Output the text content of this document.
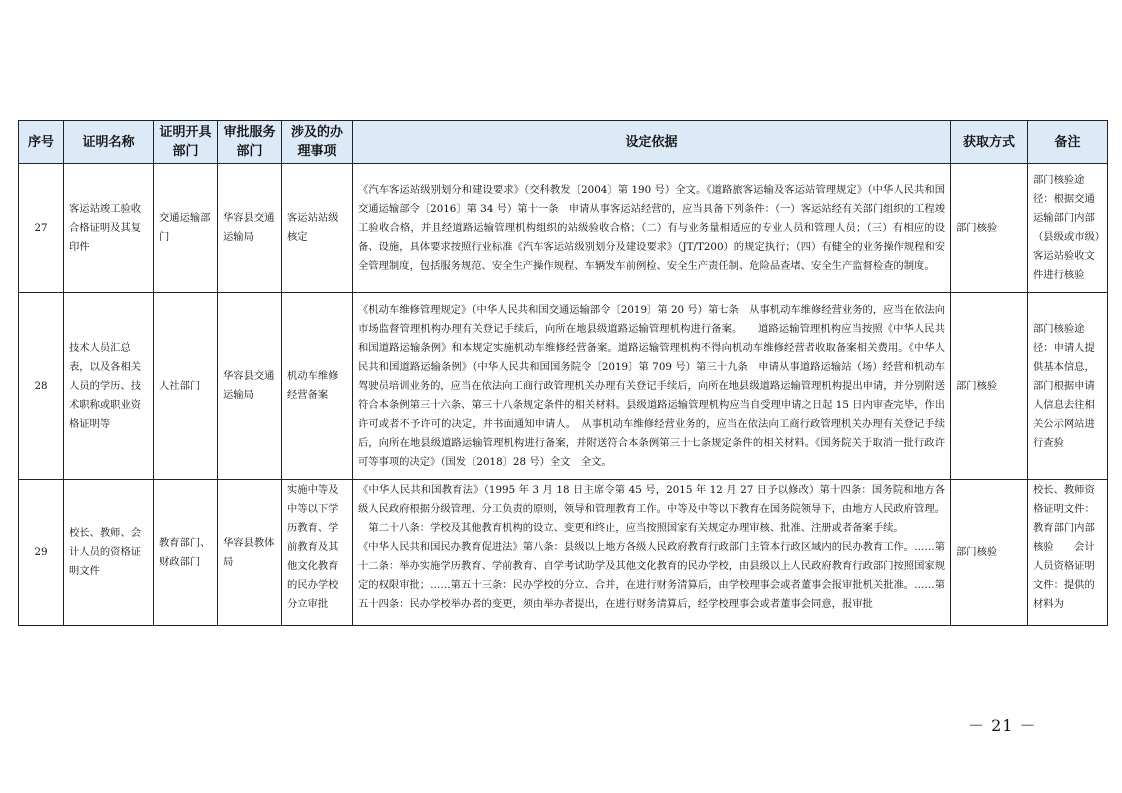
序号	证明名称	证明开具部门	审批服务部门	涉及的办理事项	设定依据	获取方式	备注
27	客运站竣工验收合格证明及其复印件	交通运输部门	华容县交通运输局	客运站站级核定	《汽车客运站级别划分和建设要求》（交科教发〔2004〕第 190 号）全文。《道路旅客运输及客运站管理规定》（中华人民共和国交通运输部令〔2016〕第 34 号）第十一条　申请从事客运站经营的，应当具备下列条件：（一）客运站经有关部门组织的工程竣工验收合格，并且经道路运输管理机构组织的站级验收合格；（二）有与业务量相适应的专业人员和管理人员；（三）有相应的设备、设施，具体要求按照行业标准《汽车客运站级别划分及建设要求》（JT/T200）的规定执行；（四）有健全的业务操作规程和安全管理制度，包括服务规范、安全生产操作规程、车辆发车前例检、安全生产责任制、危险品查堵、安全生产监督检查的制度。	部门核验	部门核验途径：根据交通运输部门内部（县级或市级）客运站验收文件进行核验
28	技术人员汇总表，以及各相关人员的学历、技术职称或职业资格证明等	人社部门	华容县交通运输局	机动车维修经营备案	《机动车维修管理规定》（中华人民共和国交通运输部令〔2019〕第 20 号）第七条　从事机动车维修经营业务的，应当在依法向市场监督管理机构办理有关登记手续后，向所在地县级道路运输管理机构进行备案。　　道路运输管理机构应当按照《中华人民共和国道路运输条例》和本规定实施机动车维修经营备案。道路运输管理机构不得向机动车维修经营者收取备案相关费用。《中华人民共和国道路运输条例》（中华人民共和国国务院令〔2019〕第 709 号）第三十九条　申请从事道路运输站（场）经营和机动车驾驶员培训业务的，应当在依法向工商行政管理机关办理有关登记手续后，向所在地县级道路运输管理机构提出申请，并分别附送符合本条例第三十六条、第三十八条规定条件的相关材料。县级道路运输管理机构应当自受理申请之日起 15 日内审查完毕，作出许可或者不予许可的决定，并书面通知申请人。　从事机动车维修经营业务的，应当在依法向工商行政管理机关办理有关登记手续后，向所在地县级道路运输管理机构进行备案，并附送符合本条例第三十七条规定条件的相关材料。《国务院关于取消一批行政许可等事项的决定》（国发〔2018〕28 号）全文　全文。	部门核验	部门核验途径：申请人提供基本信息，部门根据申请人信息去往相关公示网站进行查验
29	校长、教师、会计人员的资格证明文件	教育部门、财政部门	华容县教体局	实施中等及中等以下学历教育、学前教育及其他文化教育的民办学校分立审批	《中华人民共和国教育法》（1995 年 3 月 18 日主席令第 45 号，2015 年 12 月 27 日予以修改）第十四条：国务院和地方各级人民政府根据分级管理、分工负责的原则，领导和管理教育工作。中等及中等以下教育在国务院领导下，由地方人民政府管理。

　第二十八条：学校及其他教育机构的设立、变更和终止，应当按照国家有关规定办理审核、批准、注册或者备案手续。

《中华人民共和国民办教育促进法》第八条：县级以上地方各级人民政府教育行政部门主管本行政区域内的民办教育工作。……第十二条：举办实施学历教育、学前教育、自学考试助学及其他文化教育的民办学校，由县级以上人民政府教育行政部门按照国家规定的权限审批；……第五十三条：民办学校的分立、合并，在进行财务清算后，由学校理事会或者董事会报审批机关批准。……第五十四条：民办学校举办者的变更，须由举办者提出，在进行财务清算后，经学校理事会或者董事会同意，报审批	部门核验	校长、教师资格证明文件：教育部门内部核验　　会计人员资格证明文件：提供的材料为
－ 21 －
